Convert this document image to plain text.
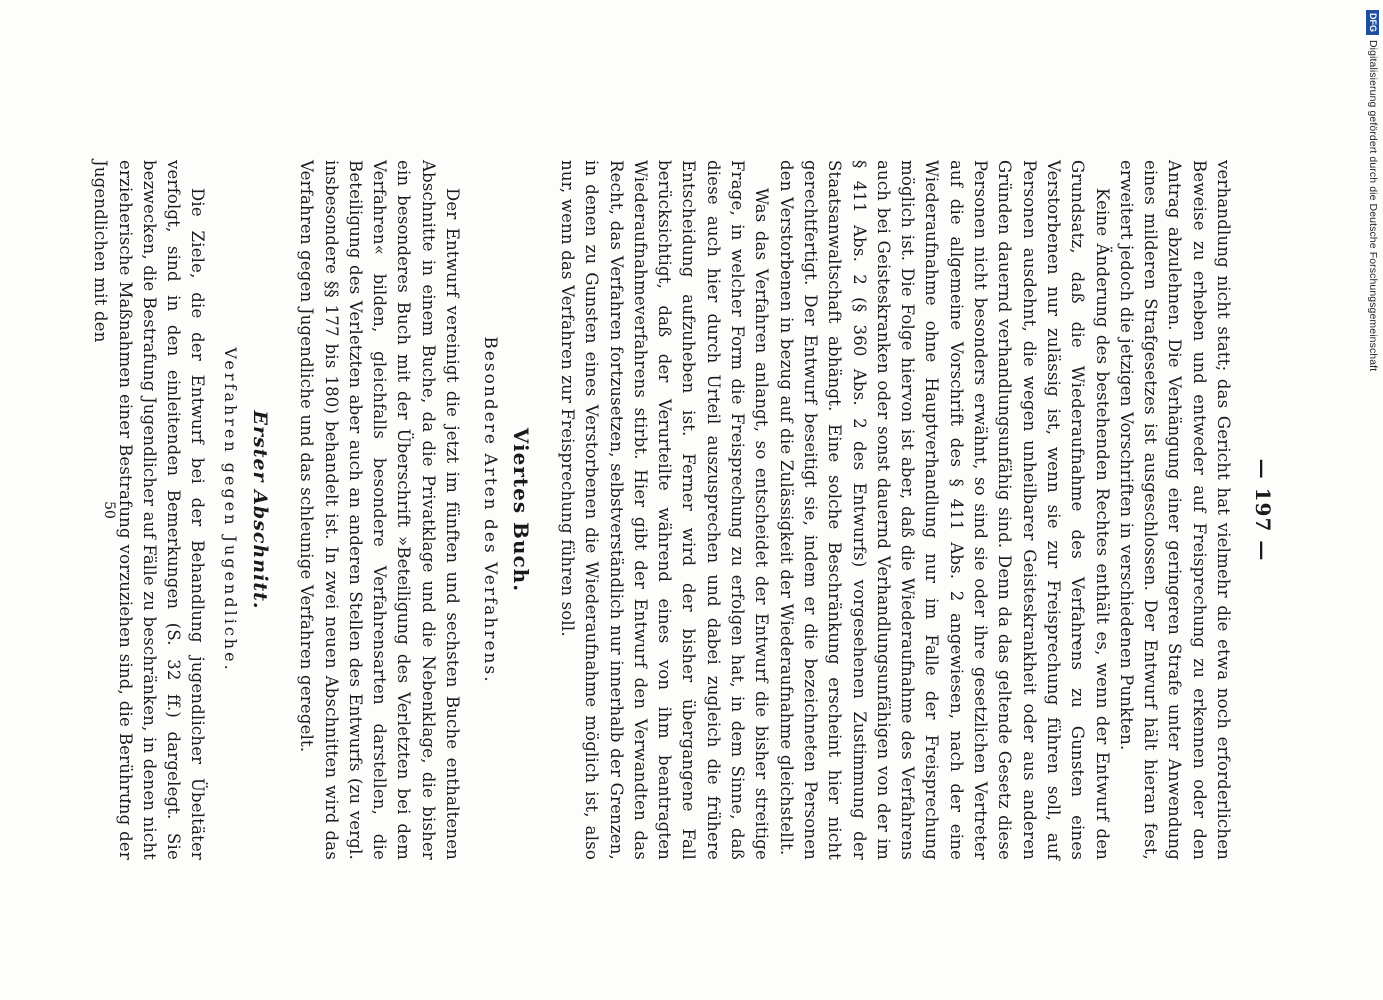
— 197 —

verhandlung nicht statt; das Gericht hat vielmehr die etwa noch erforderlichen Beweise zu erheben und entweder auf Freisprechung zu erkennen oder den Antrag abzulehnen. Die Verhängung einer geringeren Strafe unter Anwendung eines milderen Strafgesetzes ist ausgeschlossen. Der Entwurf hält hieran fest, erweitert jedoch die jetzigen Vorschriften in verschiedenen Punkten.

Keine Änderung des bestehenden Rechtes enthält es, wenn der Entwurf den Grundsatz, daß die Wiederaufnahme des Verfahrens zu Gunsten eines Verstorbenen nur zulässig ist, wenn sie zur Freisprechung führen soll, auf Personen ausdehnt, die wegen unheilbarer Geisteskrankheit oder aus anderen Gründen dauernd verhandlungsunfähig sind. Denn da das geltende Gesetz diese Personen nicht besonders erwähnt, so sind sie oder ihre gesetzlichen Vertreter auf die allgemeine Vorschrift des § 411 Abs. 2 angewiesen, nach der eine Wiederaufnahme ohne Hauptverhandlung nur im Falle der Freisprechung möglich ist. Die Folge hiervon ist aber, daß die Wiederaufnahme des Verfahrens auch bei Geisteskranken oder sonst dauernd Verhandlungsunfähigen von der im § 411 Abs. 2 (§ 360 Abs. 2 des Entwurfs) vorgesehenen Zustimmung der Staatsanwaltschaft abhängt. Eine solche Beschränkung erscheint hier nicht gerechtfertigt. Der Entwurf beseitigt sie, indem er die bezeichneten Personen den Verstorbenen in bezug auf die Zulässigkeit der Wiederaufnahme gleichstellt.

Was das Verfahren anlangt, so entscheidet der Entwurf die bisher streitige Frage, in welcher Form die Freisprechung zu erfolgen hat, in dem Sinne, daß diese auch hier durch Urteil auszusprechen und dabei zugleich die frühere Entscheidung aufzuheben ist. Ferner wird der bisher übergangene Fall berücksichtigt, daß der Verurteilte während eines von ihm beantragten Wiederaufnahmeverfahrens stirbt. Hier gibt der Entwurf den Verwandten das Recht, das Verfahren fortzusetzen, selbstverständlich nur innerhalb der Grenzen, in denen zu Gunsten eines Verstorbenen die Wiederaufnahme möglich ist, also nur, wenn das Verfahren zur Freisprechung führen soll.

Viertes Buch.
Besondere Arten des Verfahrens.

Der Entwurf vereinigt die jetzt im fünften und sechsten Buche enthaltenen Abschnitte in einem Buche, da die Privatklage und die Nebenklage, die bisher ein besonderes Buch mit der Überschrift »Beteiligung des Verletzten bei dem Verfahren« bilden, gleichfalls besondere Verfahrensarten darstellen, die Beteiligung des Verletzten aber auch an anderen Stellen des Entwurfs (zu vergl. insbesondere §§ 177 bis 180) behandelt ist. In zwei neuen Abschnitten wird das Verfahren gegen Jugendliche und das schleunige Verfahren geregelt.

Erster Abschnitt.
Verfahren gegen Jugendliche.

Die Ziele, die der Entwurf bei der Behandlung jugendlicher Übeltäter verfolgt, sind in den einleitenden Bemerkungen (S. 32 ff.) dargelegt. Sie bezwecken, die Bestrafung Jugendlicher auf Fälle zu beschränken, in denen nicht erzieherische Maßnahmen einer Bestrafung vorzuziehen sind, die Berührung der Jugendlichen mit den

50
DFG
Digitalisierung gefördert durch die Deutsche Forschungsgemeinschaft
